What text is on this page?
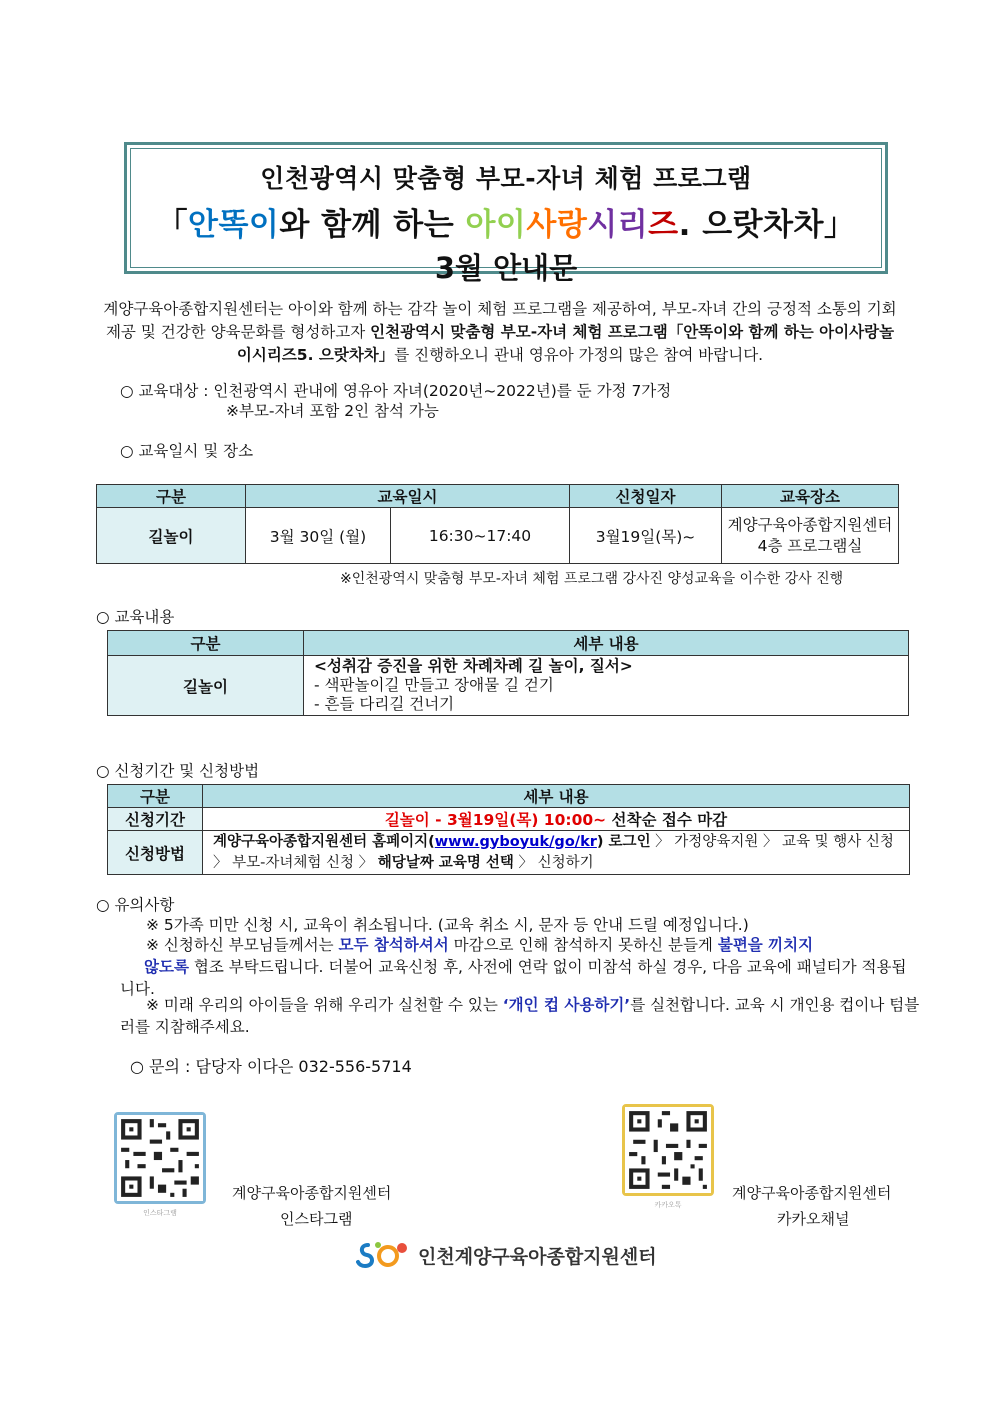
인천광역시 맞춤형 부모-자녀 체험 프로그램
「안똑이와 함께 하는 아이사랑시리즈. 으랏차차」
3월 안내문
계양구육아종합지원센터는 아이와 함께 하는 감각 놀이 체험 프로그램을 제공하여, 부모-자녀 간의 긍정적 소통의 기회 제공 및 건강한 양육문화를 형성하고자 인천광역시 맞춤형 부모-자녀 체험 프로그램「안똑이와 함께 하는 아이사랑놀이시리즈5. 으랏차차」를 진행하오니 관내 영유아 가정의 많은 참여 바랍니다.
○ 교육대상 : 인천광역시 관내에 영유아 자녀(2020년~2022년)를 둔 가정 7가정
※부모-자녀 포함 2인 참석 가능
○ 교육일시 및 장소
구분	교육일시		신청일자	교육장소
길놀이	3월 30일 (월)	16:30~17:40	3월19일(목)~	계양구육아종합지원센터
4층 프로그램실
※인천광역시 맞춤형 부모-자녀 체험 프로그램 강사진 양성교육을 이수한 강사 진행
○ 교육내용
구분	세부 내용
길놀이	<성취감 증진을 위한 차례차례 길 놀이, 질서>
- 색판놀이길 만들고 장애물 길 걷기
- 흔들 다리길 건너기
○ 신청기간 및 신청방법
구분	세부 내용
신청기간	길놀이 - 3월19일(목) 10:00~ 선착순 접수 마감
신청방법	계양구육아종합지원센터 홈페이지(www.gyboyuk/go/kr) 로그인 〉 가정양육지원 〉 교육 및 행사 신청
〉 부모-자녀체험 신청 〉 해당날짜 교육명 선택 〉 신청하기
○ 유의사항
※ 5가족 미만 신청 시, 교육이 취소됩니다. (교육 취소 시, 문자 등 안내 드릴 예정입니다.)
※ 신청하신 부모님들께서는 모두 참석하셔서 마감으로 인해 참석하지 못하신 분들게 불편을 끼치지
않도록 협조 부탁드립니다. 더불어 교육신청 후, 사전에 연락 없이 미참석 하실 경우, 다음 교육에 패널티가 적용됩니다.
※ 미래 우리의 아이들을 위해 우리가 실천할 수 있는 ‘개인 컵 사용하기’를 실천합니다. 교육 시 개인용 컵이나 텀블러를 지참해주세요.
○ 문의 : 담당자 이다은 032-556-5714
인스타그램
계양구육아종합지원센터
인스타그램
카카오톡
계양구육아종합지원센터
카카오채널
인천계양구육아종합지원센터
